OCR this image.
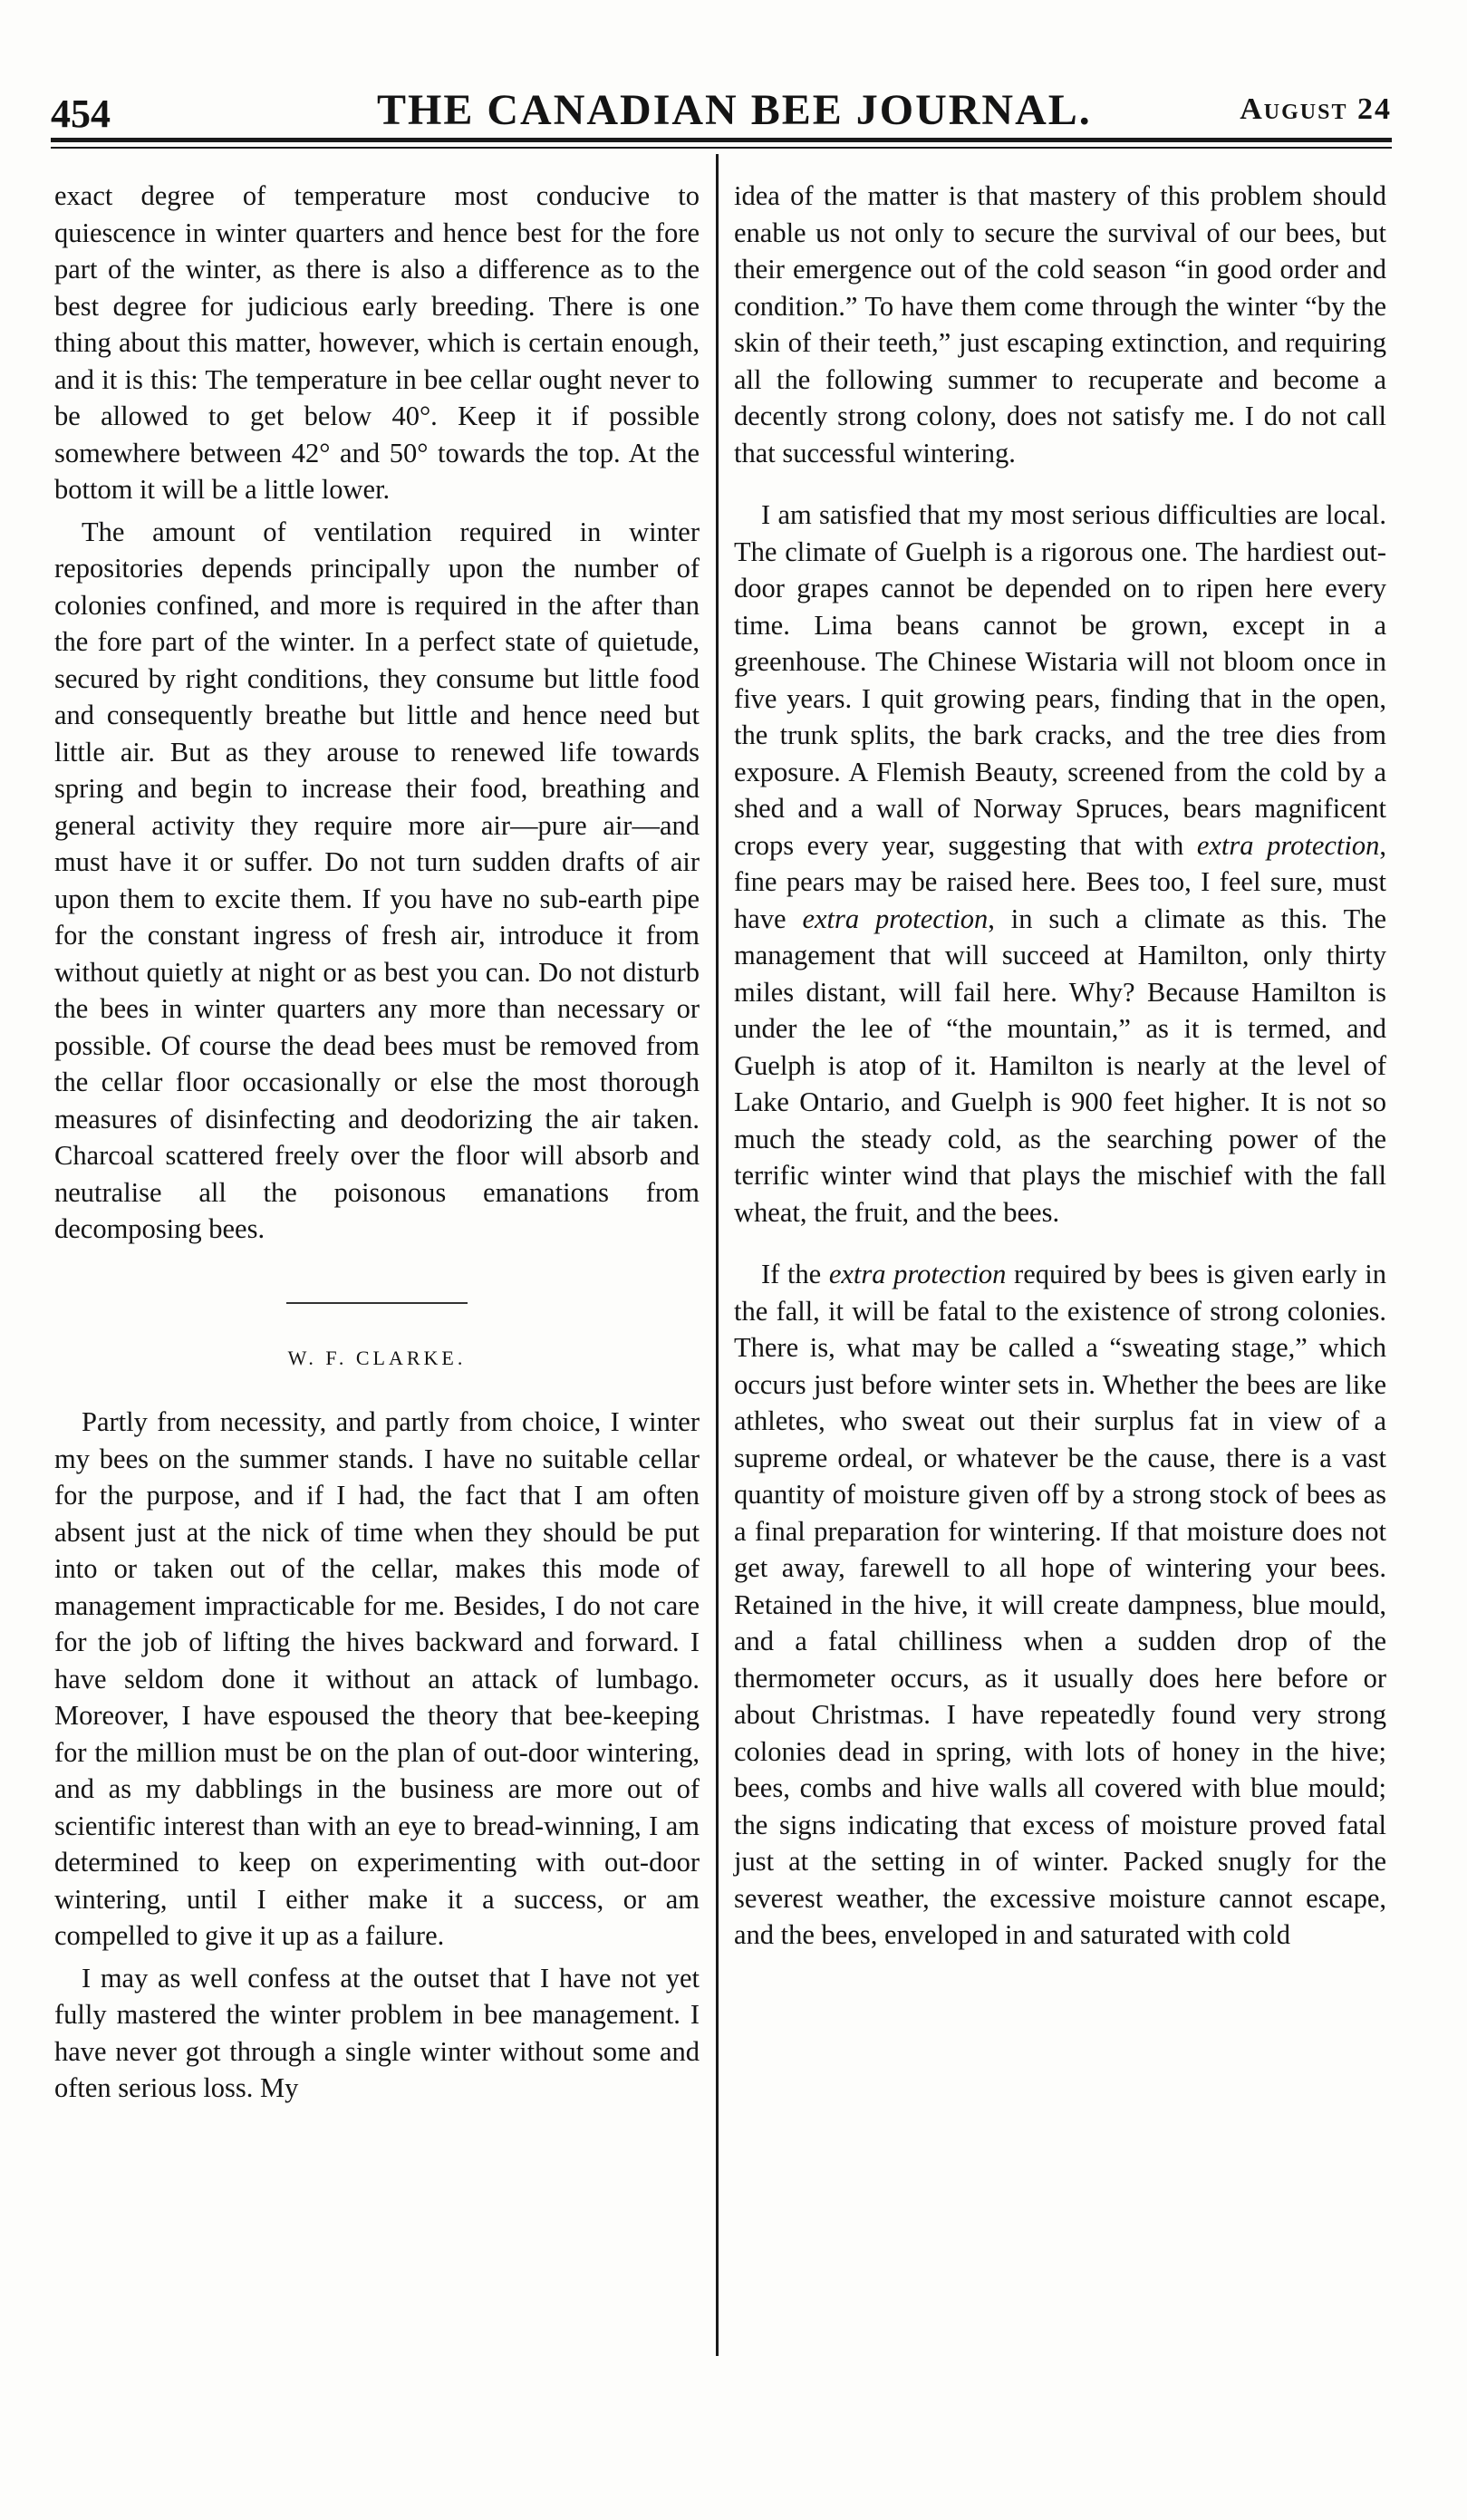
454	THE CANADIAN BEE JOURNAL.	August 24

exact degree of temperature most conducive to quiescence in winter quarters and hence best for the fore part of the winter, as there is also a difference as to the best degree for judicious early breeding. There is one thing about this matter, however, which is certain enough, and it is this: The temperature in bee cellar ought never to be allowed to get below 40°. Keep it if possible somewhere between 42° and 50° towards the top. At the bottom it will be a little lower.

The amount of ventilation required in winter repositories depends principally upon the number of colonies confined, and more is required in the after than the fore part of the winter. In a perfect state of quietude, secured by right conditions, they consume but little food and consequently breathe but little and hence need but little air. But as they arouse to renewed life towards spring and begin to increase their food, breathing and general activity they require more air—pure air—and must have it or suffer. Do not turn sudden drafts of air upon them to excite them. If you have no sub-earth pipe for the constant ingress of fresh air, introduce it from without quietly at night or as best you can. Do not disturb the bees in winter quarters any more than necessary or possible. Of course the dead bees must be removed from the cellar floor occasionally or else the most thorough measures of disinfecting and deodorizing the air taken. Charcoal scattered freely over the floor will absorb and neutralise all the poisonous emanations from decomposing bees.

W. F. CLARKE.

Partly from necessity, and partly from choice, I winter my bees on the summer stands. I have no suitable cellar for the purpose, and if I had, the fact that I am often absent just at the nick of time when they should be put into or taken out of the cellar, makes this mode of management impracticable for me. Besides, I do not care for the job of lifting the hives backward and forward. I have seldom done it without an attack of lumbago. Moreover, I have espoused the theory that bee-keeping for the million must be on the plan of out-door wintering, and as my dabblings in the business are more out of scientific interest than with an eye to bread-winning, I am determined to keep on experimenting with out-door wintering, until I either make it a success, or am compelled to give it up as a failure.

I may as well confess at the outset that I have not yet fully mastered the winter problem in bee management. I have never got through a single winter without some and often serious loss. My

idea of the matter is that mastery of this problem should enable us not only to secure the survival of our bees, but their emergence out of the cold season “in good order and condition.” To have them come through the winter “by the skin of their teeth,” just escaping extinction, and requiring all the following summer to recuperate and become a decently strong colony, does not satisfy me. I do not call that successful wintering.

I am satisfied that my most serious difficulties are local. The climate of Guelph is a rigorous one. The hardiest out-door grapes cannot be depended on to ripen here every time. Lima beans cannot be grown, except in a greenhouse. The Chinese Wistaria will not bloom once in five years. I quit growing pears, finding that in the open, the trunk splits, the bark cracks, and the tree dies from exposure. A Flemish Beauty, screened from the cold by a shed and a wall of Norway Spruces, bears magnificent crops every year, suggesting that with extra protection, fine pears may be raised here. Bees too, I feel sure, must have extra protection, in such a climate as this. The management that will succeed at Hamilton, only thirty miles distant, will fail here. Why? Because Hamilton is under the lee of “the mountain,” as it is termed, and Guelph is atop of it. Hamilton is nearly at the level of Lake Ontario, and Guelph is 900 feet higher. It is not so much the steady cold, as the searching power of the terrific winter wind that plays the mischief with the fall wheat, the fruit, and the bees.

If the extra protection required by bees is given early in the fall, it will be fatal to the existence of strong colonies. There is, what may be called a “sweating stage,” which occurs just before winter sets in. Whether the bees are like athletes, who sweat out their surplus fat in view of a supreme ordeal, or whatever be the cause, there is a vast quantity of moisture given off by a strong stock of bees as a final preparation for wintering. If that moisture does not get away, farewell to all hope of wintering your bees. Retained in the hive, it will create dampness, blue mould, and a fatal chilliness when a sudden drop of the thermometer occurs, as it usually does here before or about Christmas. I have repeatedly found very strong colonies dead in spring, with lots of honey in the hive; bees, combs and hive walls all covered with blue mould; the signs indicating that excess of moisture proved fatal just at the setting in of winter. Packed snugly for the severest weather, the excessive moisture cannot escape, and the bees, enveloped in and saturated with cold
